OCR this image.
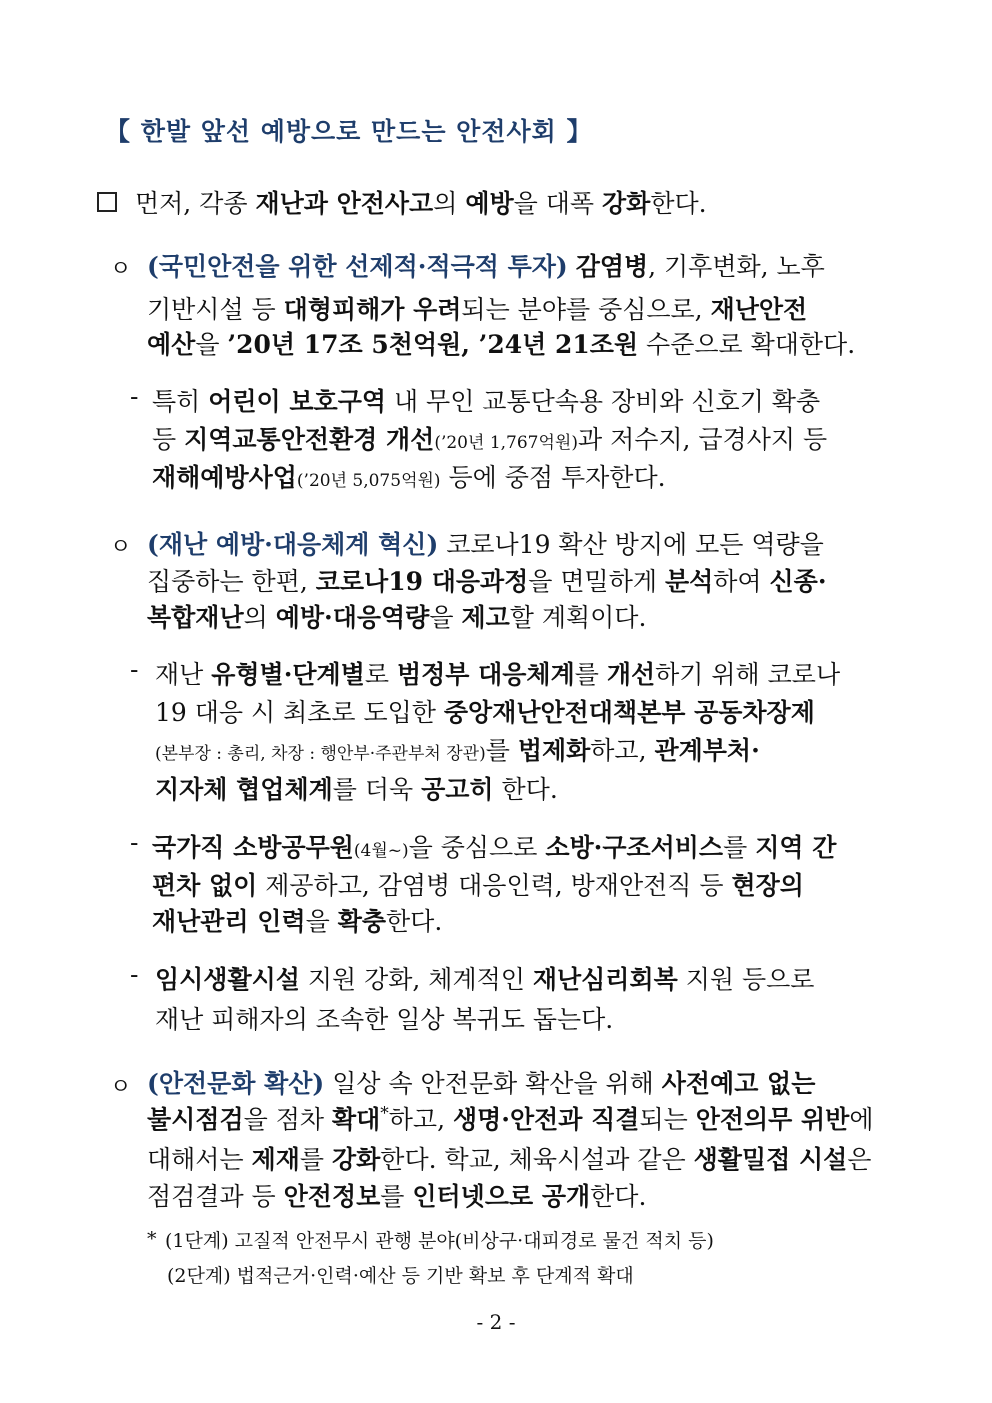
【 한발 앞선 예방으로 만드는 안전사회 】
먼저, 각종 재난과 안전사고의 예방을 대폭 강화한다.
ㅇ (국민안전을 위한 선제적·적극적 투자) 감염병, 기후변화, 노후
기반시설 등 대형피해가 우려되는 분야를 중심으로, 재난안전
예산을 ’20년 17조 5천억원, ’24년 21조원 수준으로 확대한다.
- 특히 어린이 보호구역 내 무인 교통단속용 장비와 신호기 확충
등 지역교통안전환경 개선(’20년 1,767억원)과 저수지, 급경사지 등
재해예방사업(’20년 5,075억원) 등에 중점 투자한다.
ㅇ (재난 예방·대응체계 혁신) 코로나19 확산 방지에 모든 역량을
집중하는 한편, 코로나19 대응과정을 면밀하게 분석하여 신종·
복합재난의 예방·대응역량을 제고할 계획이다.
- 재난 유형별·단계별로 범정부 대응체계를 개선하기 위해 코로나
19 대응 시 최초로 도입한 중앙재난안전대책본부 공동차장제
(본부장 : 총리, 차장 : 행안부·주관부처 장관)를 법제화하고, 관계부처·
지자체 협업체계를 더욱 공고히 한다.
- 국가직 소방공무원(4월~)을 중심으로 소방·구조서비스를 지역 간
편차 없이 제공하고, 감염병 대응인력, 방재안전직 등 현장의
재난관리 인력을 확충한다.
- 임시생활시설 지원 강화, 체계적인 재난심리회복 지원 등으로
재난 피해자의 조속한 일상 복귀도 돕는다.
ㅇ (안전문화 확산) 일상 속 안전문화 확산을 위해 사전예고 없는
불시점검을 점차 확대*하고, 생명·안전과 직결되는 안전의무 위반에
대해서는 제재를 강화한다. 학교, 체육시설과 같은 생활밀접 시설은
점검결과 등 안전정보를 인터넷으로 공개한다.
* (1단계) 고질적 안전무시 관행 분야(비상구·대피경로 물건 적치 등)
(2단계) 법적근거·인력·예산 등 기반 확보 후 단계적 확대
- 2 -
